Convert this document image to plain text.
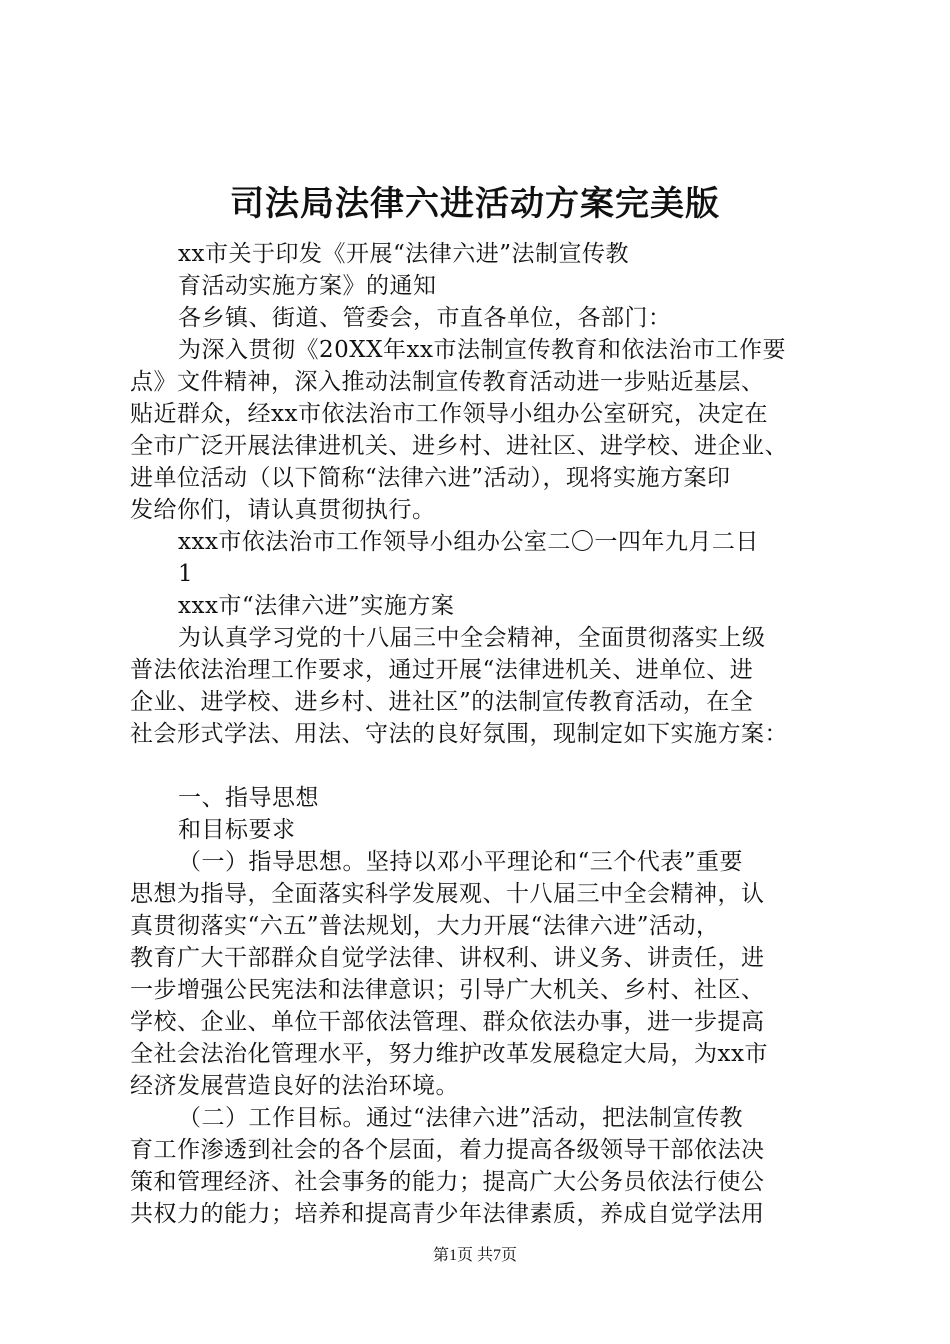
司法局法律六进活动方案完美版
xx市关于印发《开展“法律六进”法制宣传教
育活动实施方案》的通知
各乡镇、街道、管委会，市直各单位，各部门：
为深入贯彻《20XX年xx市法制宣传教育和依法治市工作要
点》文件精神，深入推动法制宣传教育活动进一步贴近基层、
贴近群众，经xx市依法治市工作领导小组办公室研究，决定在
全市广泛开展法律进机关、进乡村、进社区、进学校、进企业、
进单位活动（以下简称“法律六进”活动），现将实施方案印
发给你们，请认真贯彻执行。
xxx市依法治市工作领导小组办公室二〇一四年九月二日
1
xxx市“法律六进”实施方案
为认真学习党的十八届三中全会精神，全面贯彻落实上级
普法依法治理工作要求，通过开展“法律进机关、进单位、进
企业、进学校、进乡村、进社区”的法制宣传教育活动，在全
社会形式学法、用法、守法的良好氛围，现制定如下实施方案：
一、指导思想
和目标要求
（一）指导思想。坚持以邓小平理论和“三个代表”重要
思想为指导，全面落实科学发展观、十八届三中全会精神，认
真贯彻落实“六五”普法规划，大力开展“法律六进”活动，
教育广大干部群众自觉学法律、讲权利、讲义务、讲责任，进
一步增强公民宪法和法律意识；引导广大机关、乡村、社区、
学校、企业、单位干部依法管理、群众依法办事，进一步提高
全社会法治化管理水平，努力维护改革发展稳定大局，为xx市
经济发展营造良好的法治环境。
（二）工作目标。通过“法律六进”活动，把法制宣传教
育工作渗透到社会的各个层面，着力提高各级领导干部依法决
策和管理经济、社会事务的能力；提高广大公务员依法行使公
共权力的能力；培养和提高青少年法律素质，养成自觉学法用
第1页 共7页
